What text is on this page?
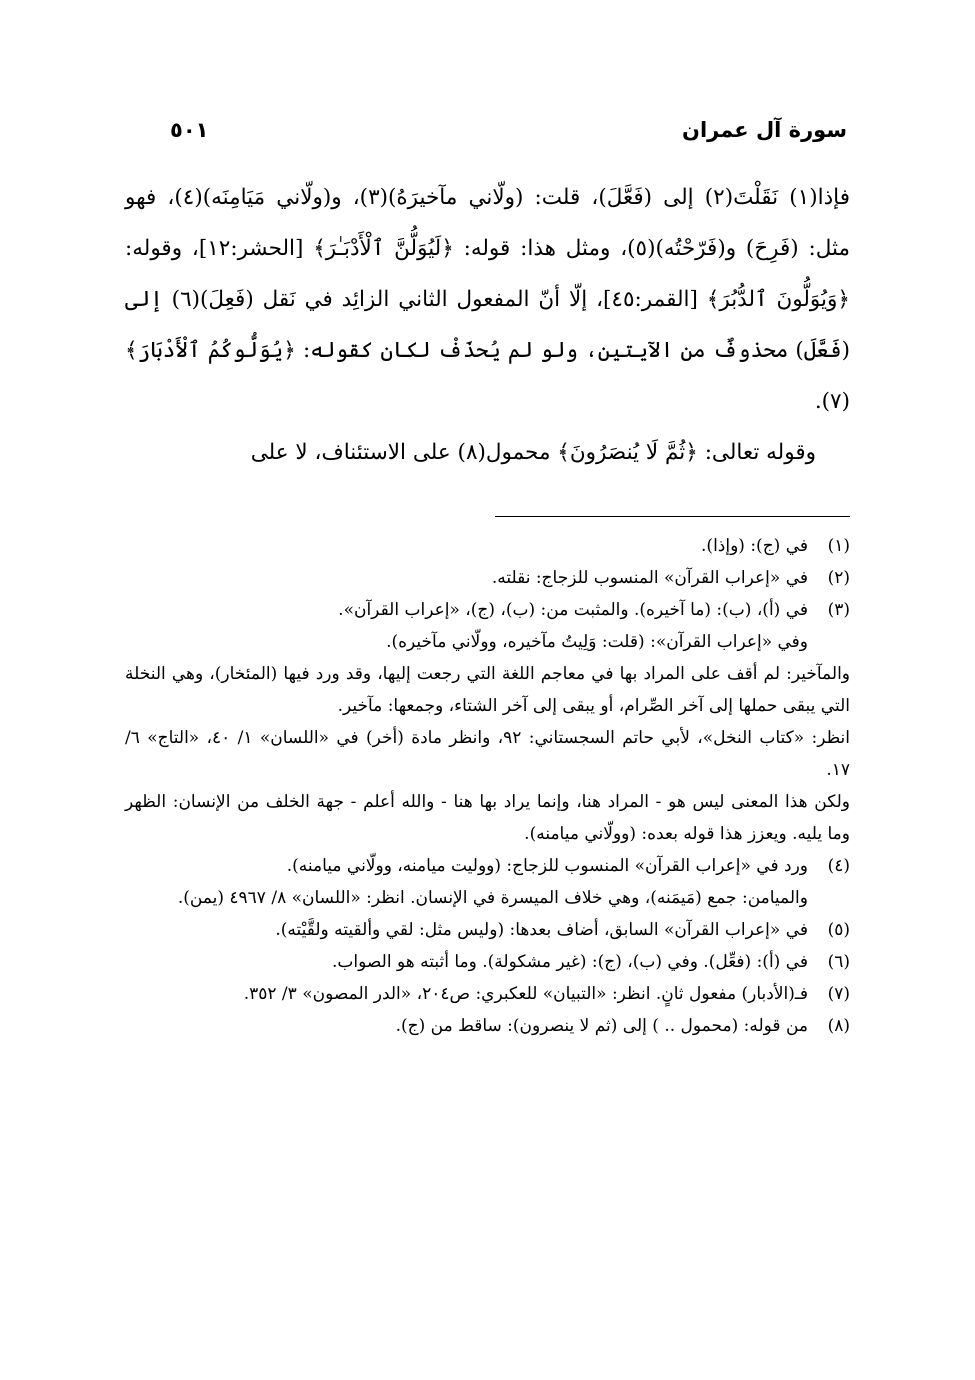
سورة آل عمران
٥٠١

فإذا(١) نَقَلْتَ(٢) إلى (فَعَّلَ)، قلت: (ولّاني مآخيرَهُ)(٣)، و(ولّاني مَيَامِنَه)(٤)، فهو مثل: (فَرِحَ) و(فَرّحْتُه)(٥)، ومثل هذا: قوله: ﴿لَيُوَلُّنَّ ٱلْأَدْبَـٰرَ﴾ [الحشر:١٢]، وقوله: ﴿وَيُوَلُّونَ ٱلدُّبُرَ﴾ [القمر:٤٥]، إلّا أنّ المفعول الثاني الزائِد في نَقل (فَعِلَ)(٦) إلى (فَعَّلَ) محذوفٌ من الآيتين، ولو لم يُحذَفْ لكان كقوله: ﴿يُوَلُّوكُمُ ٱلْأَدْبَارَ﴾(٧).

وقوله تعالى: ﴿ثُمَّ لَا يُنصَرُونَ﴾ محمول(٨) على الاستئناف، لا على

(١)

في (ج): (وإذا).

(٢)

في «إعراب القرآن» المنسوب للزجاج: نقلته.

(٣)

في (أ)، (ب): (ما آخيره). والمثبت من: (ب)، (ج)، «إعراب القرآن».

وفي «إعراب القرآن»: (قلت: وَلِيتُ مآخيره، وولّاني مآخيره).

والمآخير: لم أقف على المراد بها في معاجم اللغة التي رجعت إليها، وقد ورد فيها (المئخار)، وهي النخلة التي يبقى حملها إلى آخر الصِّرام، أو يبقى إلى آخر الشتاء، وجمعها: مآخير.

انظر: «كتاب النخل»، لأبي حاتم السجستاني: ٩٢، وانظر مادة (أخر) في «اللسان» ١/ ٤٠، «التاج» ٦/ ١٧.

ولكن هذا المعنى ليس هو - المراد هنا، وإنما يراد بها هنا - والله أعلم - جهة الخلف من الإنسان: الظهر وما يليه. ويعزز هذا قوله بعده: (وولّاني ميامنه).

(٤)

ورد في «إعراب القرآن» المنسوب للزجاج: (ووليت ميامنه، وولّاني ميامنه).

والميامن: جمع (مَيمَنه)، وهي خلاف الميسرة في الإنسان. انظر: «اللسان» ٨/ ٤٩٦٧ (يمن).

(٥)

في «إعراب القرآن» السابق، أضاف بعدها: (وليس مثل: لقي وألقيته ولقَّيْته).

(٦)

في (أ): (فعِّل). وفي (ب)، (ج): (غير مشكولة). وما أثبته هو الصواب.

(٧)

فـ(الأدبار) مفعول ثانٍ. انظر: «التبيان» للعكبري: ص٢٠٤، «الدر المصون» ٣/ ٣٥٢.

(٨)

من قوله: (محمول .. ) إلى (ثم لا ينصرون): ساقط من (ج).
